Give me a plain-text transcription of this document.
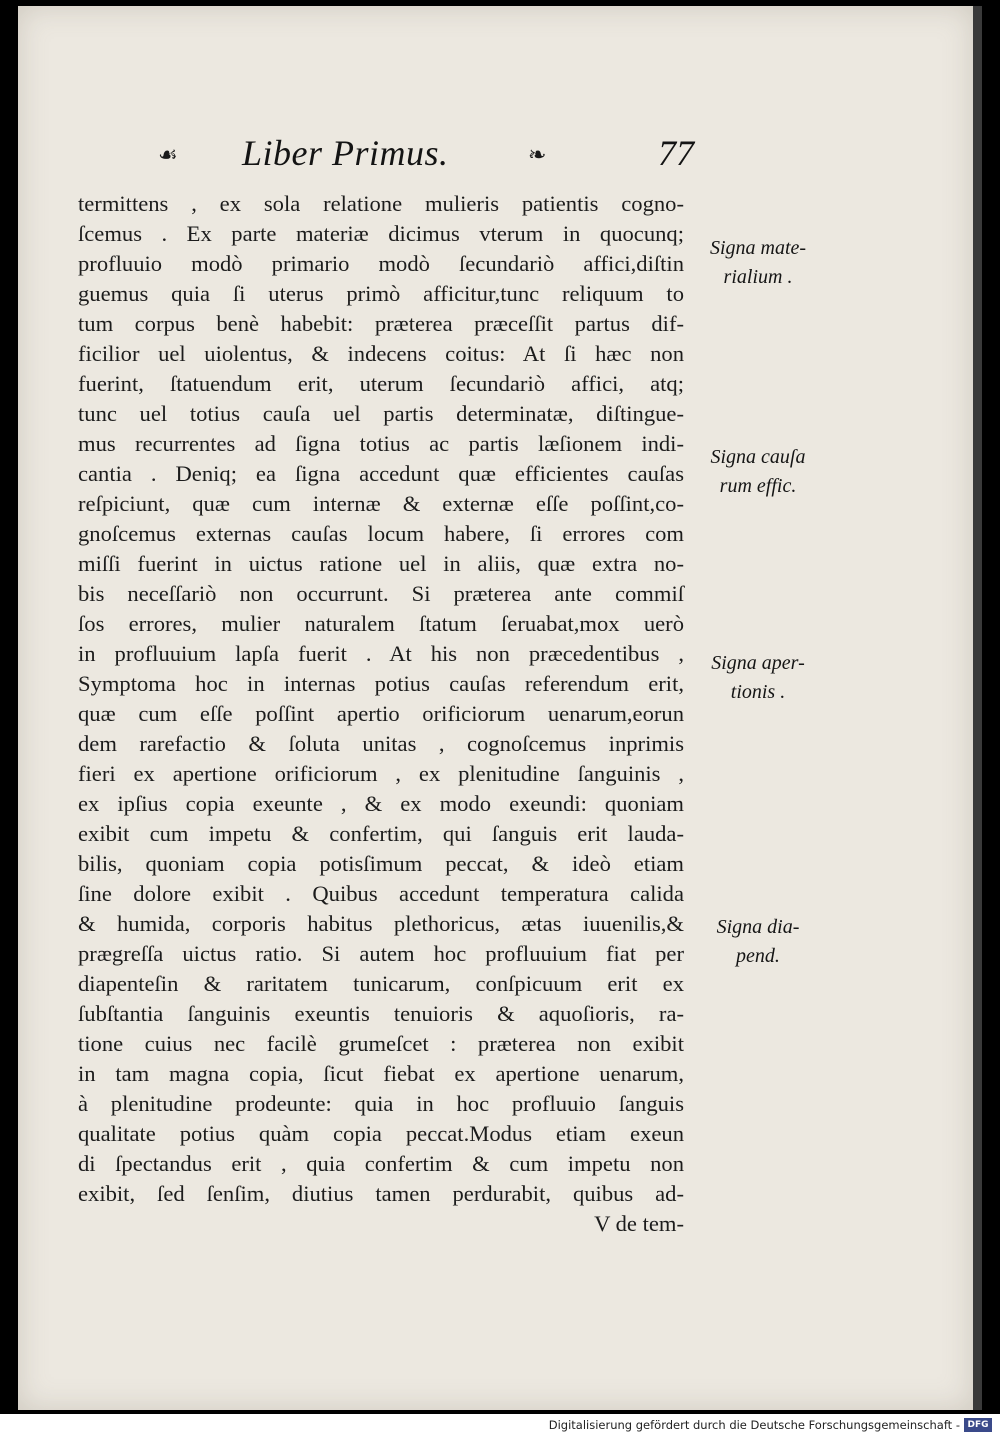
☙ Liber Primus.	❧	77
termittens , ex sola relatione mulieris patientis cogno-
ſcemus . Ex parte materiæ dicimus vterum in quocunq;
profluuio modò primario modò ſecundariò affici,diſtin
guemus quia ſi uterus primò afficitur,tunc reliquum to
tum corpus benè habebit: præterea præceſſit partus dif-
ficilior uel uiolentus, & indecens coitus: At ſi hæc non
fuerint, ſtatuendum erit, uterum ſecundariò affici, atq;
tunc uel totius cauſa uel partis determinatæ, diſtingue-
mus recurrentes ad ſigna totius ac partis læſionem indi-
cantia . Deniq; ea ſigna accedunt quæ efficientes cauſas
reſpiciunt, quæ cum internæ & externæ eſſe poſſint,co-
gnoſcemus externas cauſas locum habere, ſi errores com
miſſi fuerint in uictus ratione uel in aliis, quæ extra no-
bis neceſſariò non occurrunt. Si præterea ante commiſ
ſos errores, mulier naturalem ſtatum ſeruabat,mox uerò
in profluuium lapſa fuerit . At his non præcedentibus ,
Symptoma hoc in internas potius cauſas referendum erit,
quæ cum eſſe poſſint apertio orificiorum uenarum,eorun
dem rarefactio & ſoluta unitas , cognoſcemus inprimis
fieri ex apertione orificiorum , ex plenitudine ſanguinis ,
ex ipſius copia exeunte , & ex modo exeundi: quoniam
exibit cum impetu & confertim, qui ſanguis erit lauda-
bilis, quoniam copia potisſimum peccat, & ideò etiam
ſine dolore exibit . Quibus accedunt temperatura calida
& humida, corporis habitus plethoricus, ætas iuuenilis,&
prægreſſa uictus ratio. Si autem hoc profluuium fiat per
diapenteſin & raritatem tunicarum, conſpicuum erit ex
ſubſtantia ſanguinis exeuntis tenuioris & aquoſioris, ra-
tione cuius nec facilè grumeſcet : præterea non exibit
in tam magna copia, ſicut fiebat ex apertione uenarum,
à plenitudine prodeunte: quia in hoc profluuio ſanguis
qualitate potius quàm copia peccat.Modus etiam exeun
di ſpectandus erit , quia confertim & cum impetu non
exibit, ſed ſenſim, diutius tamen perdurabit, quibus ad-
V de tem-
Signa mate-
rialium .
Signa cauſa
rum effic.
Signa aper-
tionis .
Signa dia-
pend.
Digitalisierung gefördert durch die Deutsche Forschungsgemeinschaft - DFG
